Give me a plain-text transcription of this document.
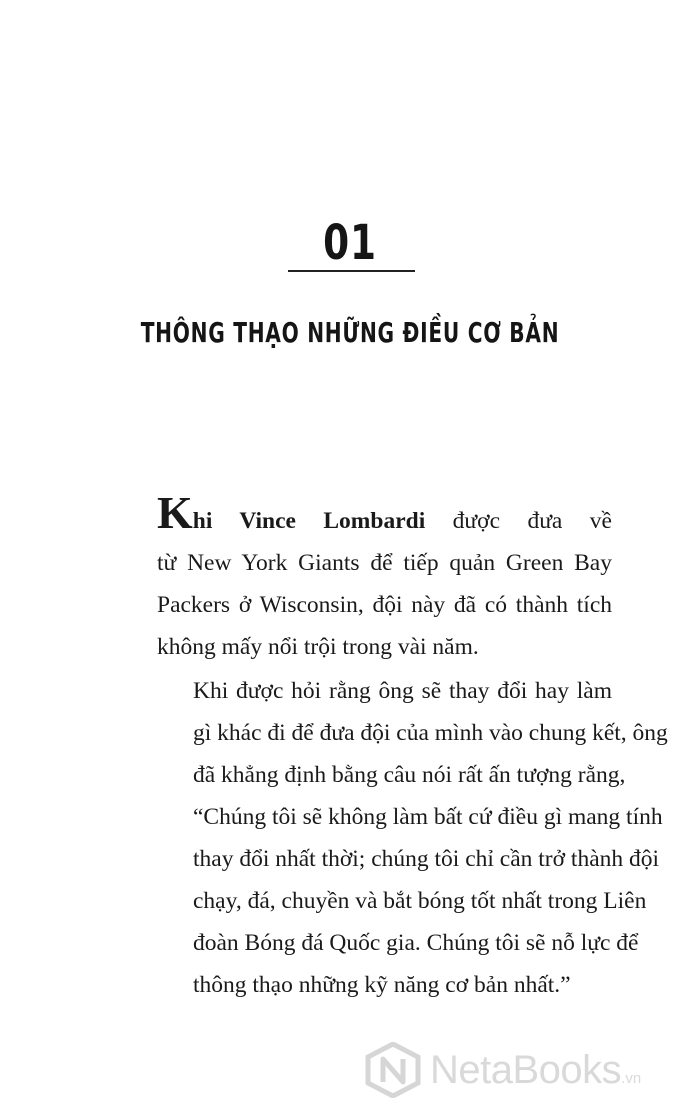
01
THÔNG THẠO NHỮNG ĐIỀU CƠ BẢN
Khi Vince Lombardi được đưa về
từ New York Giants để tiếp quản Green Bay
Packers ở Wisconsin, đội này đã có thành tích
không mấy nổi trội trong vài năm.
Khi được hỏi rằng ông sẽ thay đổi hay làm
gì khác đi để đưa đội của mình vào chung kết, ông
đã khẳng định bằng câu nói rất ấn tượng rằng,
“Chúng tôi sẽ không làm bất cứ điều gì mang tính
thay đổi nhất thời; chúng tôi chỉ cần trở thành đội
chạy, đá, chuyền và bắt bóng tốt nhất trong Liên
đoàn Bóng đá Quốc gia. Chúng tôi sẽ nỗ lực để
thông thạo những kỹ năng cơ bản nhất.”
NetaBooks.vn
